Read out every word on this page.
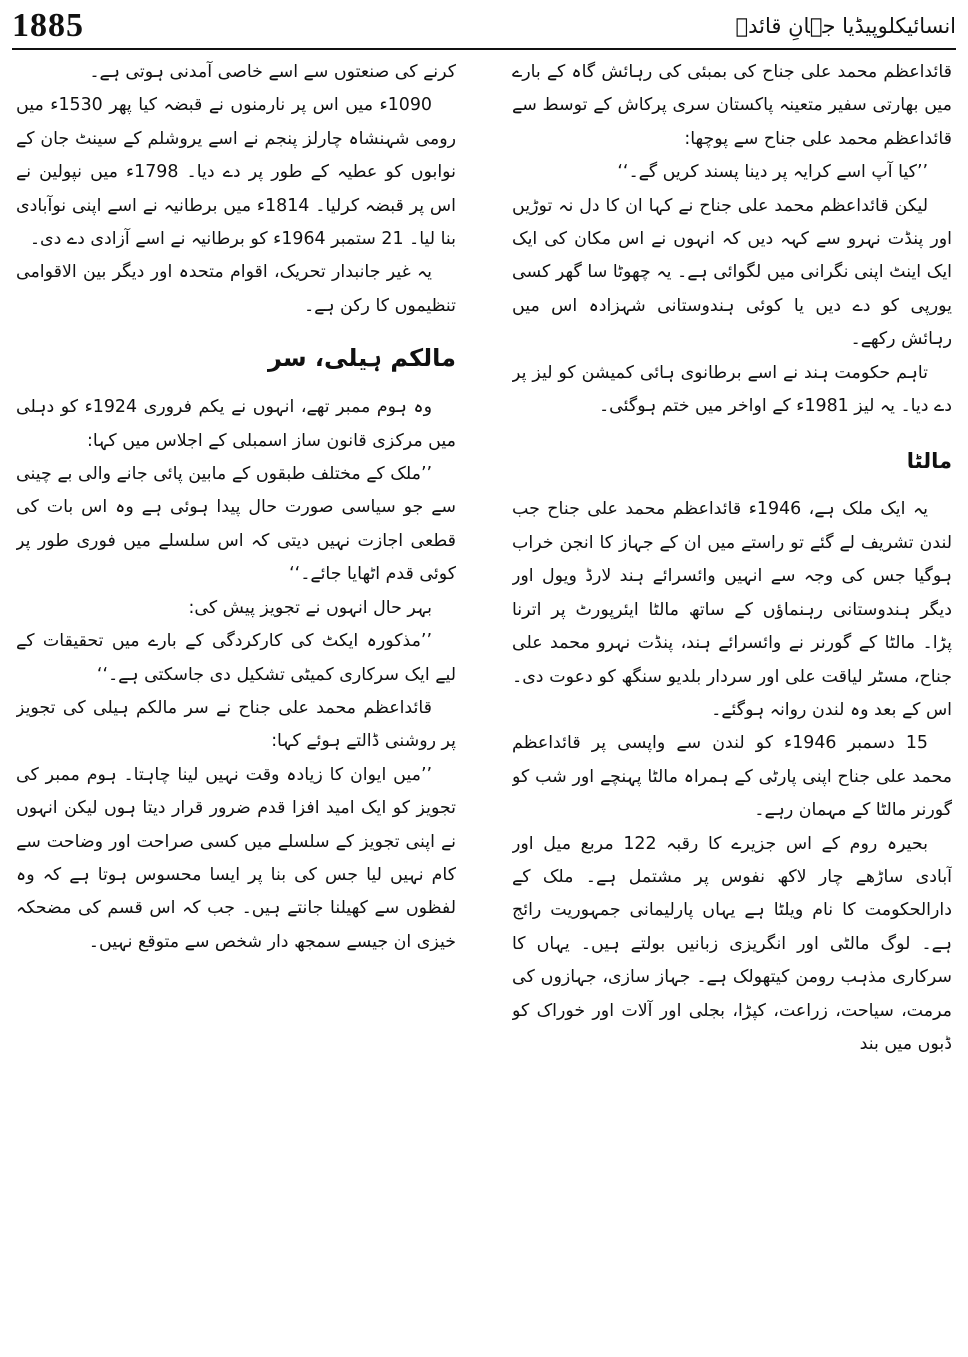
1885	انسائیکلوپیڈیا جہانِ قائدؒ

قائداعظم محمد علی جناح کی بمبئی کی رہائش گاہ کے بارے میں بھارتی سفیر متعینہ پاکستان سری پرکاش کے توسط سے قائداعظم محمد علی جناح سے پوچھا:

’’کیا آپ اسے کرایہ پر دینا پسند کریں گے۔‘‘

لیکن قائداعظم محمد علی جناح نے کہا ان کا دل نہ توڑیں اور پنڈت نہرو سے کہہ دیں کہ انہوں نے اس مکان کی ایک ایک اینٹ اپنی نگرانی میں لگوائی ہے۔ یہ چھوٹا سا گھر کسی یورپی کو دے دیں یا کوئی ہندوستانی شہزادہ اس میں رہائش رکھے۔

تاہم حکومت ہند نے اسے برطانوی ہائی کمیشن کو لیز پر دے دیا۔ یہ لیز 1981ء کے اواخر میں ختم ہوگئی۔

مالٹا

یہ ایک ملک ہے، 1946ء قائداعظم محمد علی جناح جب لندن تشریف لے گئے تو راستے میں ان کے جہاز کا انجن خراب ہوگیا جس کی وجہ سے انہیں وائسرائے ہند لارڈ ویول اور دیگر ہندوستانی رہنماؤں کے ساتھ مالٹا ایئرپورٹ پر اترنا پڑا۔ مالٹا کے گورنر نے وائسرائے ہند، پنڈت نہرو محمد علی جناح، مسٹر لیاقت علی اور سردار بلدیو سنگھ کو دعوت دی۔ اس کے بعد وہ لندن روانہ ہوگئے۔

15 دسمبر 1946ء کو لندن سے واپسی پر قائداعظم محمد علی جناح اپنی پارٹی کے ہمراہ مالٹا پہنچے اور شب کو گورنر مالٹا کے مہمان رہے۔

بحیرہ روم کے اس جزیرے کا رقبہ 122 مربع میل اور آبادی ساڑھے چار لاکھ نفوس پر مشتمل ہے۔ ملک کے دارالحکومت کا نام ویلٹا ہے یہاں پارلیمانی جمہوریت رائج ہے۔ لوگ مالٹی اور انگریزی زبانیں بولتے ہیں۔ یہاں کا سرکاری مذہب رومن کیتھولک ہے۔ جہاز سازی، جہازوں کی مرمت، سیاحت، زراعت، کپڑا، بجلی اور آلات اور خوراک کو ڈبوں میں بند

کرنے کی صنعتوں سے اسے خاصی آمدنی ہوتی ہے۔

1090ء میں اس پر نارمنوں نے قبضہ کیا پھر 1530ء میں رومی شہنشاہ چارلز پنجم نے اسے یروشلم کے سینٹ جان کے نوابوں کو عطیہ کے طور پر دے دیا۔ 1798ء میں نپولین نے اس پر قبضہ کرلیا۔ 1814ء میں برطانیہ نے اسے اپنی نوآبادی بنا لیا۔ 21 ستمبر 1964ء کو برطانیہ نے اسے آزادی دے دی۔

یہ غیر جانبدار تحریک، اقوام متحدہ اور دیگر بین الاقوامی تنظیموں کا رکن ہے۔

مالکم ہیلی، سر

وہ ہوم ممبر تھے، انہوں نے یکم فروری 1924ء کو دہلی میں مرکزی قانون ساز اسمبلی کے اجلاس میں کہا:

’’ملک کے مختلف طبقوں کے مابین پائی جانے والی بے چینی سے جو سیاسی صورت حال پیدا ہوئی ہے وہ اس بات کی قطعی اجازت نہیں دیتی کہ اس سلسلے میں فوری طور پر کوئی قدم اٹھایا جائے۔‘‘

بہر حال انہوں نے تجویز پیش کی:

’’مذکورہ ایکٹ کی کارکردگی کے بارے میں تحقیقات کے لیے ایک سرکاری کمیٹی تشکیل دی جاسکتی ہے۔‘‘

قائداعظم محمد علی جناح نے سر مالکم ہیلی کی تجویز پر روشنی ڈالتے ہوئے کہا:

’’میں ایوان کا زیادہ وقت نہیں لینا چاہتا۔ ہوم ممبر کی تجویز کو ایک امید افزا قدم ضرور قرار دیتا ہوں لیکن انہوں نے اپنی تجویز کے سلسلے میں کسی صراحت اور وضاحت سے کام نہیں لیا جس کی بنا پر ایسا محسوس ہوتا ہے کہ وہ لفظوں سے کھیلنا جانتے ہیں۔ جب کہ اس قسم کی مضحکہ خیزی ان جیسے سمجھ دار شخص سے متوقع نہیں۔
